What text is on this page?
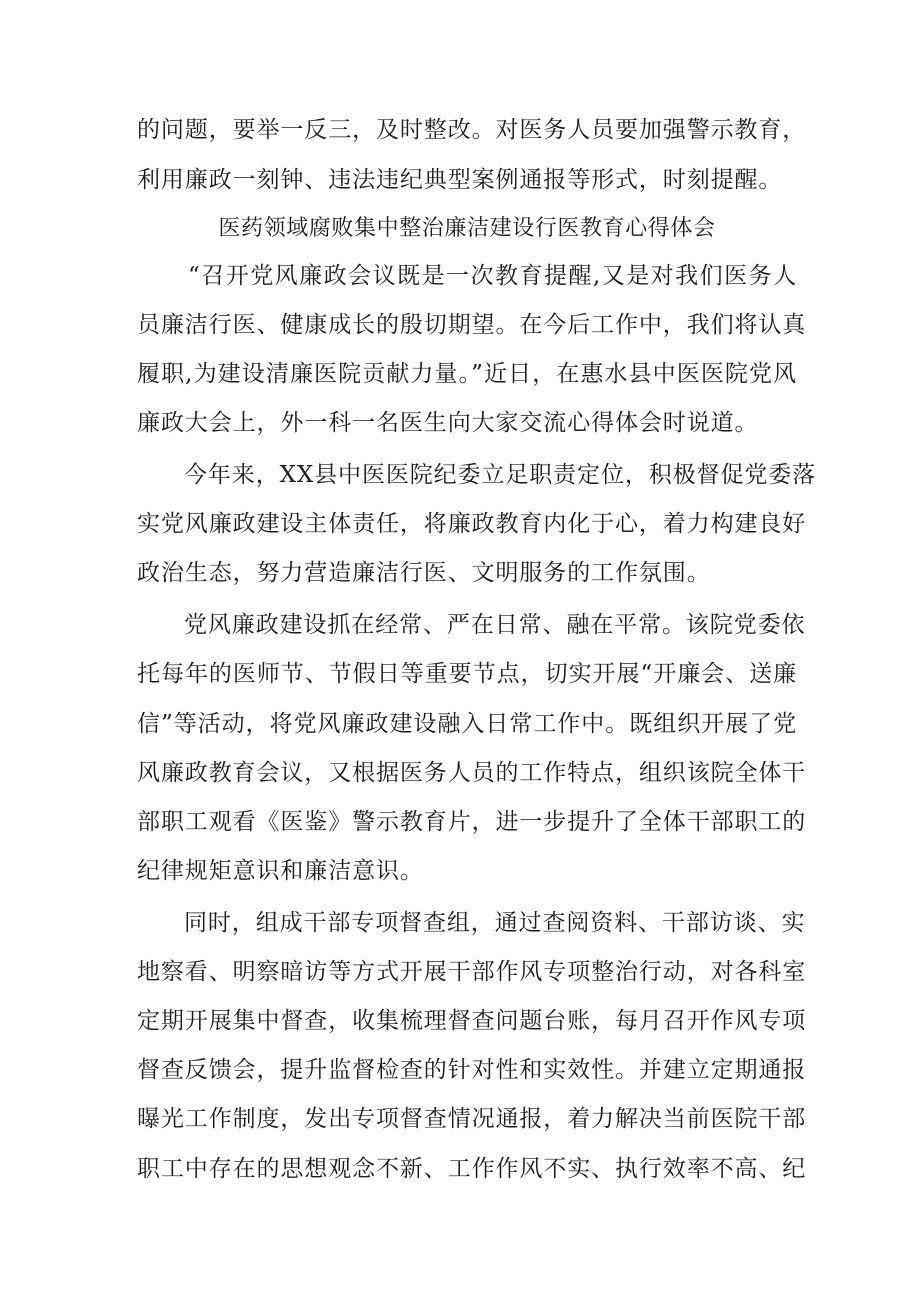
的问题，要举一反三，及时整改。对医务人员要加强警示教育，
利用廉政一刻钟、违法违纪典型案例通报等形式，时刻提醒。
医药领域腐败集中整治廉洁建设行医教育心得体会
“召开党风廉政会议既是一次教育提醒,又是对我们医务人
员廉洁行医、健康成长的殷切期望。在今后工作中，我们将认真
履职,为建设清廉医院贡献力量。”近日，在惠水县中医医院党风
廉政大会上，外一科一名医生向大家交流心得体会时说道。
今年来，XX县中医医院纪委立足职责定位，积极督促党委落
实党风廉政建设主体责任，将廉政教育内化于心，着力构建良好
政治生态，努力营造廉洁行医、文明服务的工作氛围。
党风廉政建设抓在经常、严在日常、融在平常。该院党委依
托每年的医师节、节假日等重要节点，切实开展“开廉会、送廉
信”等活动，将党风廉政建设融入日常工作中。既组织开展了党
风廉政教育会议，又根据医务人员的工作特点，组织该院全体干
部职工观看《医鉴》警示教育片，进一步提升了全体干部职工的
纪律规矩意识和廉洁意识。
同时，组成干部专项督查组，通过查阅资料、干部访谈、实
地察看、明察暗访等方式开展干部作风专项整治行动，对各科室
定期开展集中督查，收集梳理督查问题台账，每月召开作风专项
督查反馈会，提升监督检查的针对性和实效性。并建立定期通报
曝光工作制度，发出专项督查情况通报，着力解决当前医院干部
职工中存在的思想观念不新、工作作风不实、执行效率不高、纪
